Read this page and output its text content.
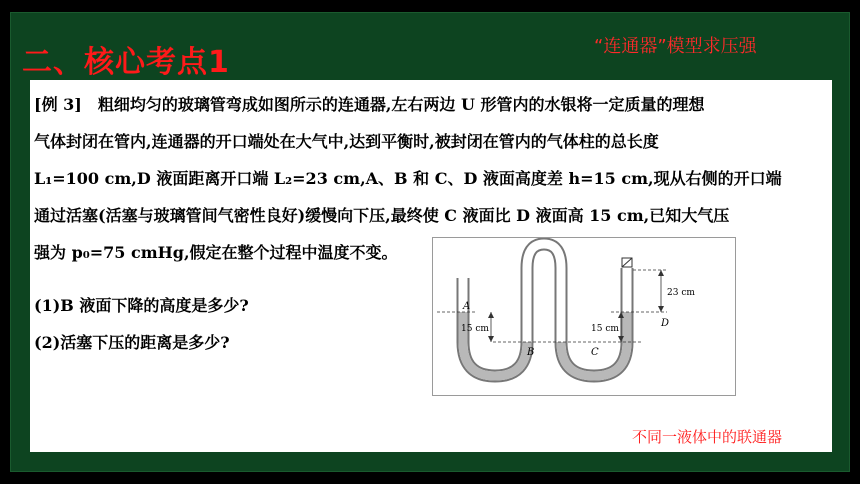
二、核心考点1	“连通器”模型求压强
[例 3]　粗细均匀的玻璃管弯成如图所示的连通器,左右两边 U 形管内的水银将一定质量的理想
气体封闭在管内,连通器的开口端处在大气中,达到平衡时,被封闭在管内的气体柱的总长度
L₁=100 cm,D 液面距离开口端 L₂=23 cm,A、B 和 C、D 液面高度差 h=15 cm,现从右侧的开口端
通过活塞(活塞与玻璃管间气密性良好)缓慢向下压,最终使 C 液面比 D 液面高 15 cm,已知大气压
强为 p₀=75 cmHg,假定在整个过程中温度不变。
(1)B 液面下降的高度是多少?
(2)活塞下压的距离是多少?
A
B	C
D
15 cm	15 cm
23 cm
不同一液体中的联通器
